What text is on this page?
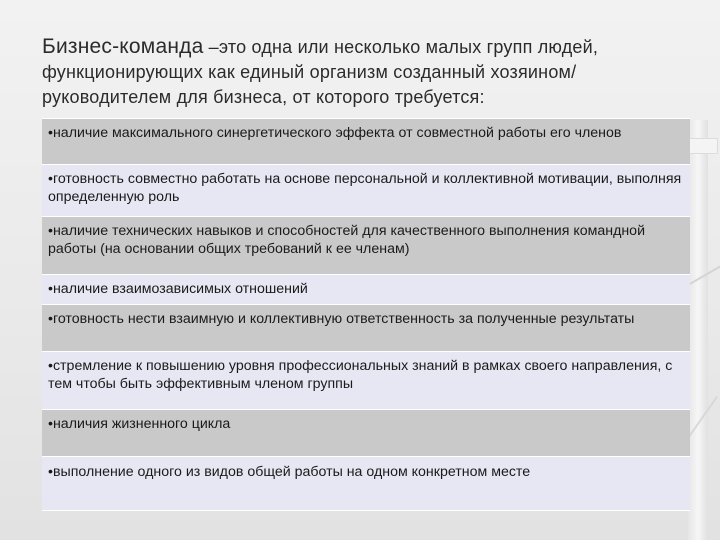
Бизнес-команда –это одна или несколько малых групп людей, функционирующих как единый организм созданный хозяином/руководителем для бизнеса, от которого требуется:
•наличие максимального синергетического эффекта от совместной работы его членов
•готовность совместно работать на основе персональной и коллективной мотивации, выполняя определенную роль
•наличие технических навыков и способностей для качественного выполнения командной работы (на основании общих требований к ее членам)
•наличие взаимозависимых отношений
•готовность нести взаимную и коллективную ответственность за полученные результаты
•стремление к повышению уровня профессиональных знаний в рамках своего направления, с тем чтобы быть эффективным членом группы
•наличия жизненного цикла
•выполнение одного из видов общей работы на одном конкретном месте
